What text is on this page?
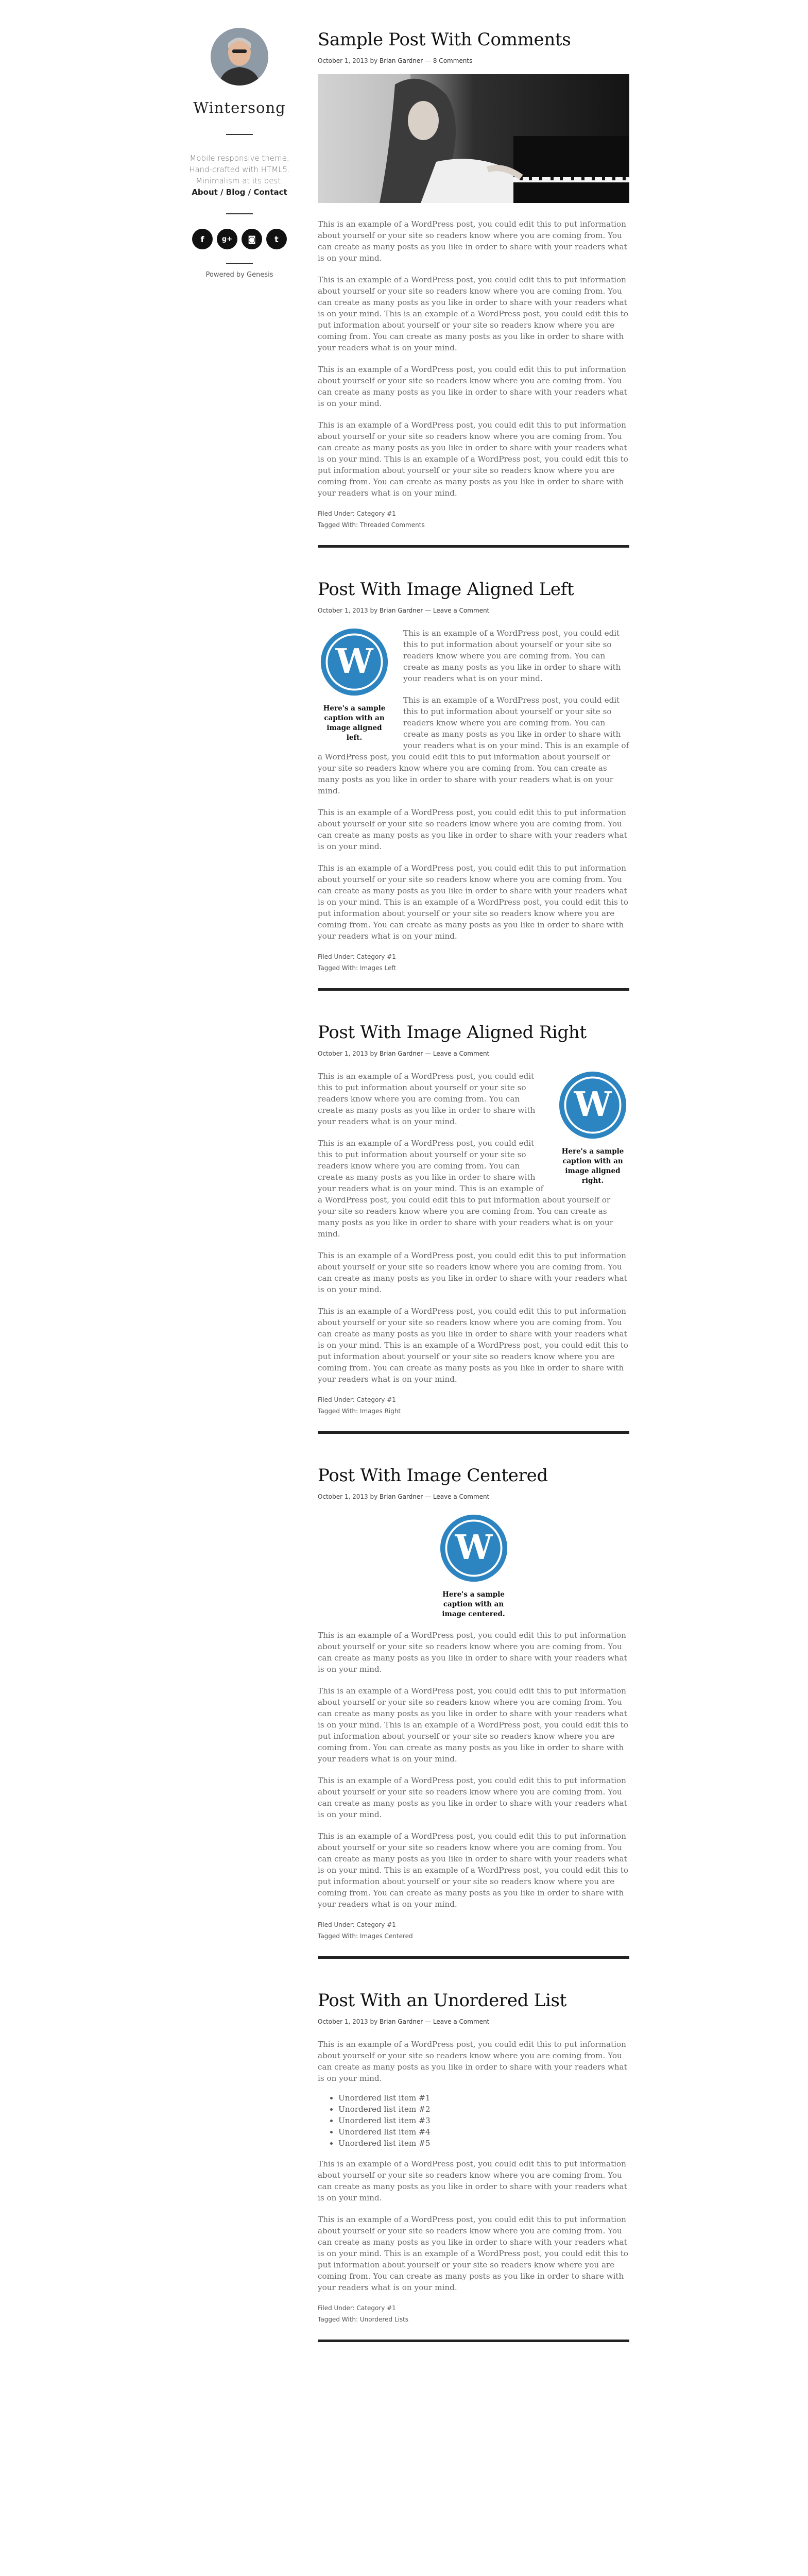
Wintersong
Mobile responsive theme.
Hand-crafted with HTML5.
Minimalism at its best.
About / Blog / Contact
f	g+	◙	t
Powered by Genesis
Sample Post With Comments
October 1, 2013 by Brian Gardner — 8 Comments

This is an example of a WordPress post, you could edit this to put information about yourself or your site so readers know where you are coming from. You can create as many posts as you like in order to share with your readers what is on your mind.

This is an example of a WordPress post, you could edit this to put information about yourself or your site so readers know where you are coming from. You can create as many posts as you like in order to share with your readers what is on your mind. This is an example of a WordPress post, you could edit this to put information about yourself or your site so readers know where you are coming from. You can create as many posts as you like in order to share with your readers what is on your mind.

This is an example of a WordPress post, you could edit this to put information about yourself or your site so readers know where you are coming from. You can create as many posts as you like in order to share with your readers what is on your mind.

This is an example of a WordPress post, you could edit this to put information about yourself or your site so readers know where you are coming from. You can create as many posts as you like in order to share with your readers what is on your mind. This is an example of a WordPress post, you could edit this to put information about yourself or your site so readers know where you are coming from. You can create as many posts as you like in order to share with your readers what is on your mind.

Filed Under: Category #1
Tagged With: Threaded Comments
Post With Image Aligned Left
October 1, 2013 by Brian Gardner — Leave a Comment
W
Here's a sample caption with an image aligned left.

This is an example of a WordPress post, you could edit this to put information about yourself or your site so readers know where you are coming from. You can create as many posts as you like in order to share with your readers what is on your mind.

This is an example of a WordPress post, you could edit this to put information about yourself or your site so readers know where you are coming from. You can create as many posts as you like in order to share with your readers what is on your mind. This is an example of a WordPress post, you could edit this to put information about yourself or your site so readers know where you are coming from. You can create as many posts as you like in order to share with your readers what is on your mind.

This is an example of a WordPress post, you could edit this to put information about yourself or your site so readers know where you are coming from. You can create as many posts as you like in order to share with your readers what is on your mind.

This is an example of a WordPress post, you could edit this to put information about yourself or your site so readers know where you are coming from. You can create as many posts as you like in order to share with your readers what is on your mind. This is an example of a WordPress post, you could edit this to put information about yourself or your site so readers know where you are coming from. You can create as many posts as you like in order to share with your readers what is on your mind.

Filed Under: Category #1
Tagged With: Images Left
Post With Image Aligned Right
October 1, 2013 by Brian Gardner — Leave a Comment
W
Here's a sample caption with an image aligned right.

This is an example of a WordPress post, you could edit this to put information about yourself or your site so readers know where you are coming from. You can create as many posts as you like in order to share with your readers what is on your mind.

This is an example of a WordPress post, you could edit this to put information about yourself or your site so readers know where you are coming from. You can create as many posts as you like in order to share with your readers what is on your mind. This is an example of a WordPress post, you could edit this to put information about yourself or your site so readers know where you are coming from. You can create as many posts as you like in order to share with your readers what is on your mind.

This is an example of a WordPress post, you could edit this to put information about yourself or your site so readers know where you are coming from. You can create as many posts as you like in order to share with your readers what is on your mind.

This is an example of a WordPress post, you could edit this to put information about yourself or your site so readers know where you are coming from. You can create as many posts as you like in order to share with your readers what is on your mind. This is an example of a WordPress post, you could edit this to put information about yourself or your site so readers know where you are coming from. You can create as many posts as you like in order to share with your readers what is on your mind.

Filed Under: Category #1
Tagged With: Images Right
Post With Image Centered
October 1, 2013 by Brian Gardner — Leave a Comment
W
Here's a sample caption with an image centered.

This is an example of a WordPress post, you could edit this to put information about yourself or your site so readers know where you are coming from. You can create as many posts as you like in order to share with your readers what is on your mind.

This is an example of a WordPress post, you could edit this to put information about yourself or your site so readers know where you are coming from. You can create as many posts as you like in order to share with your readers what is on your mind. This is an example of a WordPress post, you could edit this to put information about yourself or your site so readers know where you are coming from. You can create as many posts as you like in order to share with your readers what is on your mind.

This is an example of a WordPress post, you could edit this to put information about yourself or your site so readers know where you are coming from. You can create as many posts as you like in order to share with your readers what is on your mind.

This is an example of a WordPress post, you could edit this to put information about yourself or your site so readers know where you are coming from. You can create as many posts as you like in order to share with your readers what is on your mind. This is an example of a WordPress post, you could edit this to put information about yourself or your site so readers know where you are coming from. You can create as many posts as you like in order to share with your readers what is on your mind.

Filed Under: Category #1
Tagged With: Images Centered
Post With an Unordered List
October 1, 2013 by Brian Gardner — Leave a Comment

This is an example of a WordPress post, you could edit this to put information about yourself or your site so readers know where you are coming from. You can create as many posts as you like in order to share with your readers what is on your mind.

• Unordered list item #1
• Unordered list item #2
• Unordered list item #3
• Unordered list item #4
• Unordered list item #5

This is an example of a WordPress post, you could edit this to put information about yourself or your site so readers know where you are coming from. You can create as many posts as you like in order to share with your readers what is on your mind.

This is an example of a WordPress post, you could edit this to put information about yourself or your site so readers know where you are coming from. You can create as many posts as you like in order to share with your readers what is on your mind. This is an example of a WordPress post, you could edit this to put information about yourself or your site so readers know where you are coming from. You can create as many posts as you like in order to share with your readers what is on your mind.

Filed Under: Category #1
Tagged With: Unordered Lists
